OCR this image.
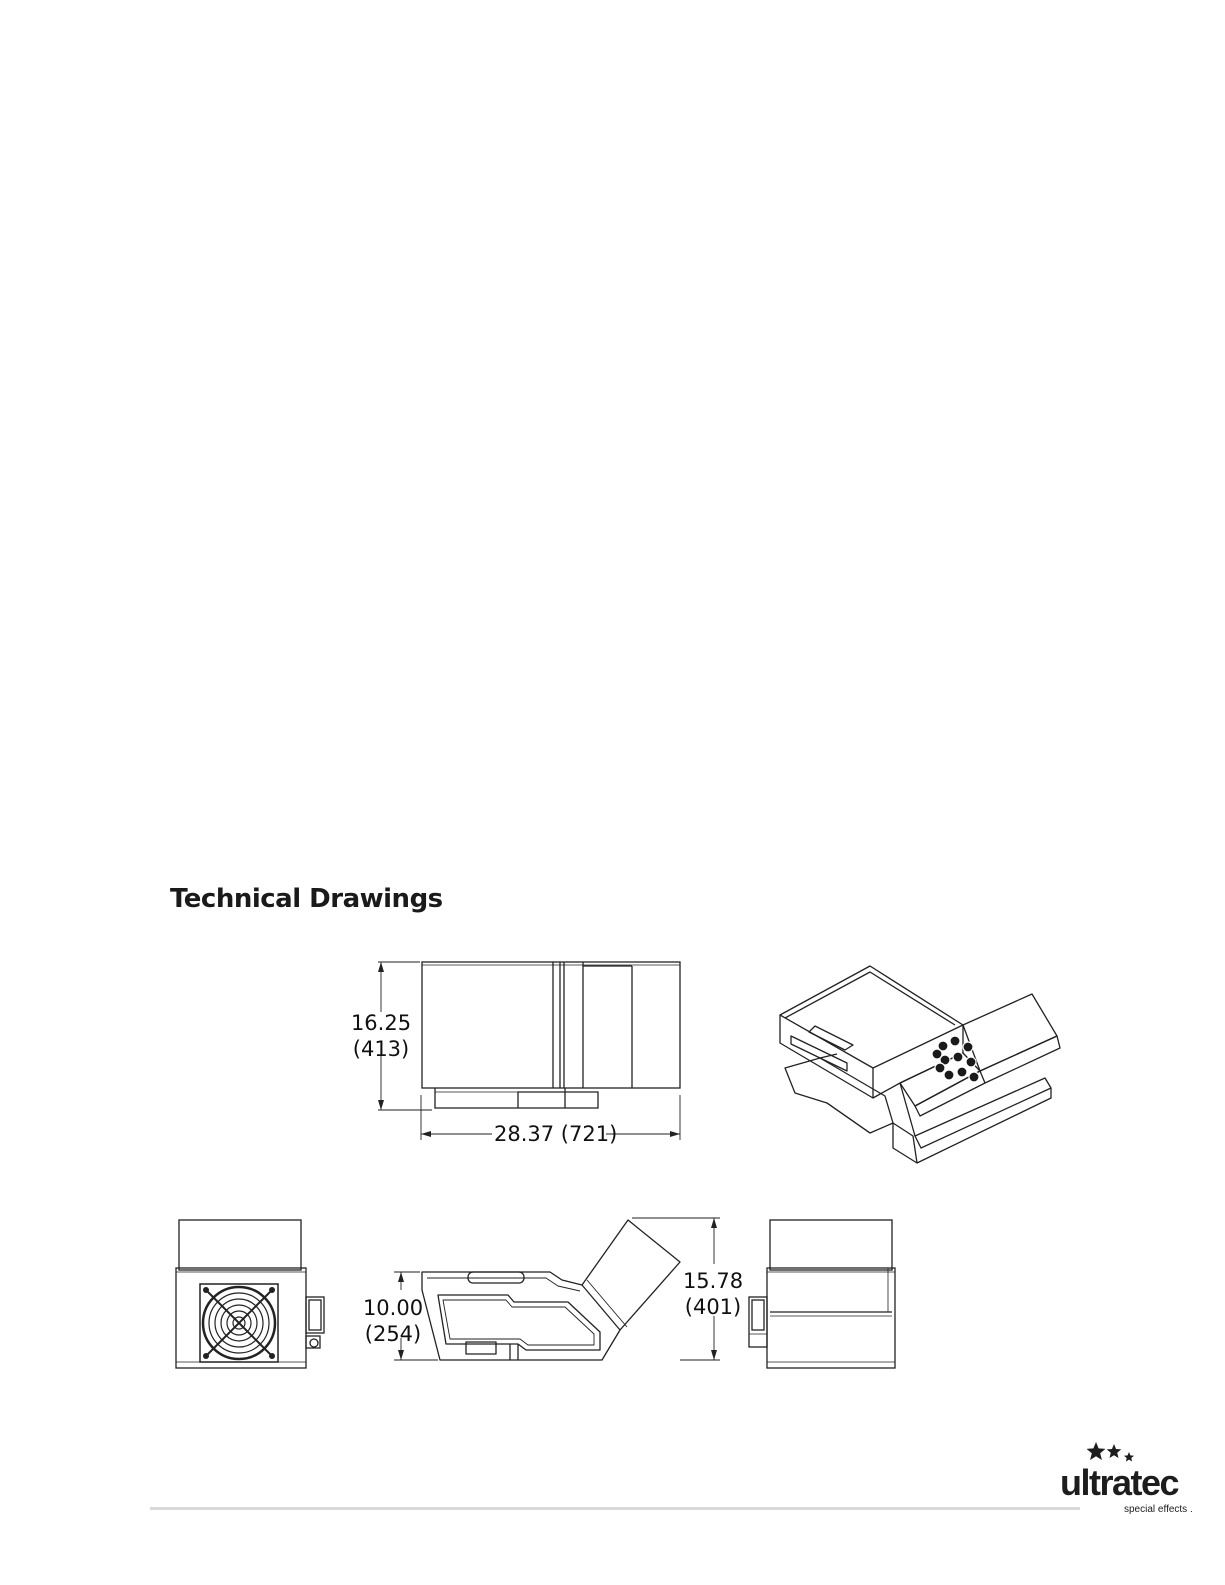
Technical Drawings
16.25
(413)
28.37 (721)
10.00
(254)
15.78
(401)
ultratec
special effects .
